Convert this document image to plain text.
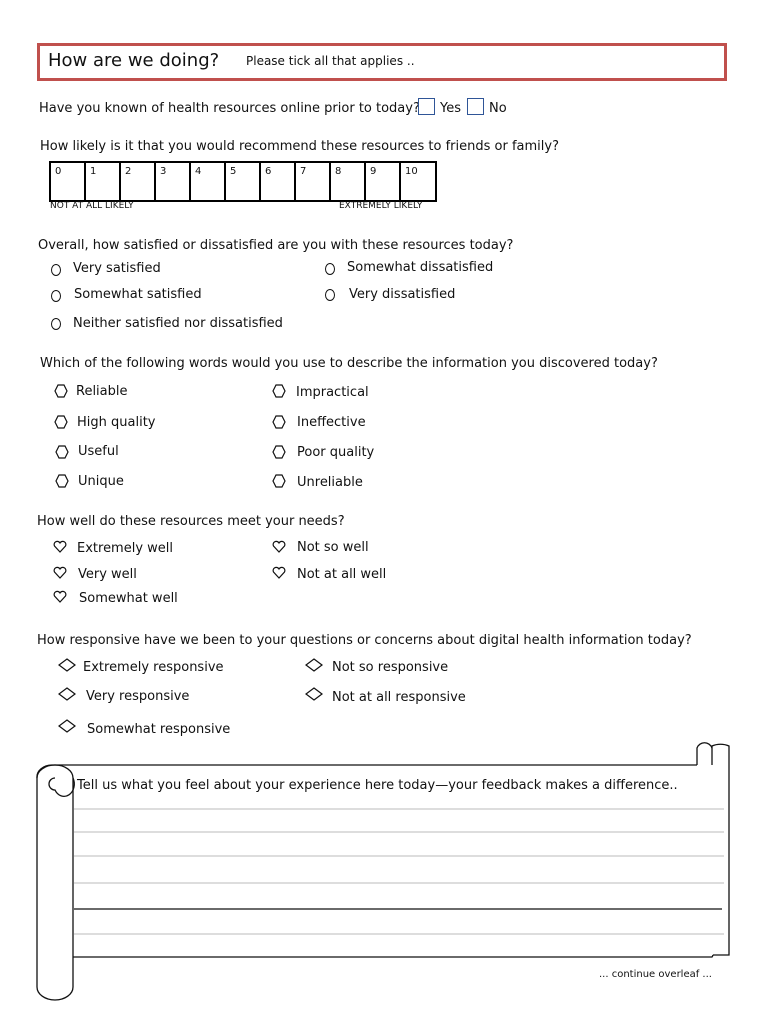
How are we doing? Please tick all that applies ..
Have you known of health resources online prior to today? Yes No
How likely is it that you would recommend these resources to friends or family?
0	1	2	3	4	5	6	7	8	9	10
NOT AT ALL LIKELY	EXTREMELY LIKELY
Overall, how satisfied or dissatisfied are you with these resources today?
Very satisfied
Somewhat satisfied
Neither satisfied nor dissatisfied
Somewhat dissatisfied
Very dissatisfied
Which of the following words would you use to describe the information you discovered today?
Reliable
High quality
Useful
Unique
Impractical
Ineffective
Poor quality
Unreliable
How well do these resources meet your needs?
Extremely well
Very well
Somewhat well
Not so well
Not at all well
How responsive have we been to your questions or concerns about digital health information today?
Extremely responsive
Very responsive
Somewhat responsive
Not so responsive
Not at all responsive
Tell us what you feel about your experience here today—your feedback makes a difference..
... continue overleaf ...
